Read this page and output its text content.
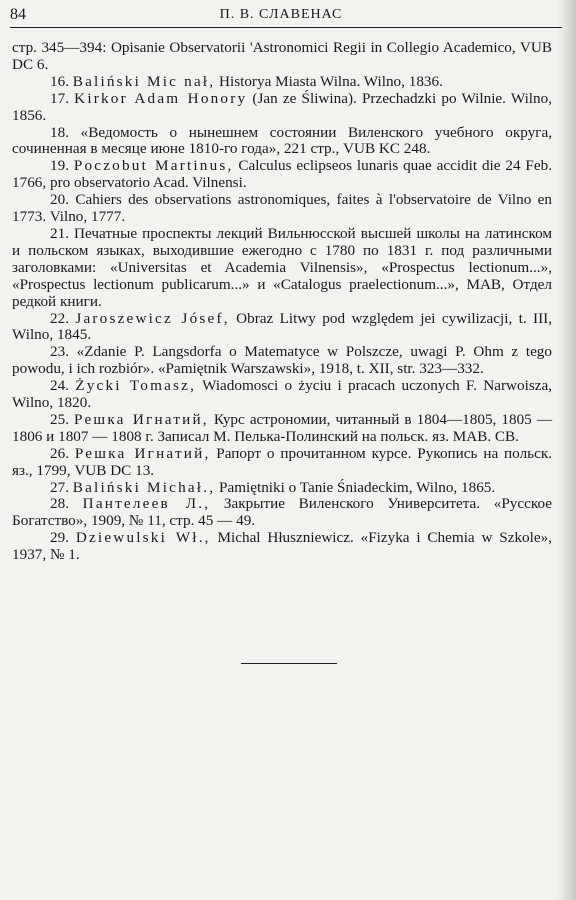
84	П. В. СЛАВЕНАС

стр. 345—394: Opisanie Observatorii 'Astronomici Regii in Collegio Academico, VUB DC 6.

16. Baliński Mic nał, Historya Miasta Wilna. Wilno, 1836.

17. Kirkor Adam Honory (Jan ze Śliwina). Przechadzki po Wilnie. Wilno, 1856.

18. «Ведомость о нынешнем состоянии Виленского учебного округа, сочиненная в месяце июне 1810-го года», 221 стр., VUB KC 248.

19. Poczobut Martinus, Calculus eclipseos lunaris quae accidit die 24 Feb. 1766, pro observatorio Acad. Vilnensi.

20. Cahiers des observations astronomiques, faites à l'observatoire de Vilno en 1773. Vilno, 1777.

21. Печатные проспекты лекций Вильнюсской высшей школы на латинском и польском языках, выходившие ежегодно с 1780 по 1831 г. под различными заголовками: «Universitas et Academia Vilnensis», «Prospectus lectionum...», «Prospectus lectionum publicarum...» и «Catalogus praelectionum...», МАВ, Отдел редкой книги.

22. Jaroszewicz Jósef, Obraz Litwy pod względem jei cywilizacji, t. III, Wilno, 1845.

23. «Zdanie P. Langsdorfa o Matematyce w Polszcze, uwagi P. Ohm z tego powodu, i ich rozbiór». «Pamiętnik Warszawski», 1918, t. XII, str. 323—332.

24. Życki Tomasz, Wiadomosci o życiu i pracach uczonych F. Narwoisza, Wilno, 1820.

25. Решка Игнатий, Курс астрономии, читанный в 1804—1805, 1805 — 1806 и 1807 — 1808 г. Записал М. Пелька-Полинский на польск. яз. МАВ. СВ.

26. Решка Игнатий, Рапорт о прочитанном курсе. Рукопись на польск. яз., 1799, VUB DC 13.

27. Baliński Michał., Pamiętniki o Tanie Śniadeckim, Wilno, 1865.

28. Пантелеев Л., Закрытие Виленского Университета. «Русское Богатство», 1909, № 11, стр. 45 — 49.

29. Dziewulski Wł., Michal Hłuszniewicz. «Fizyka i Chemia w Szkole», 1937, № 1.
